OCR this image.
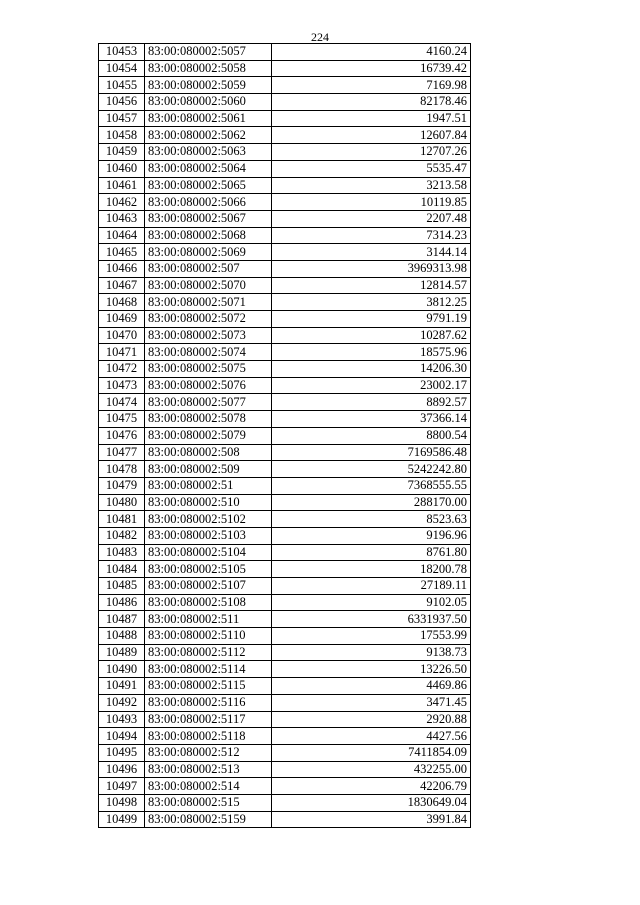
224
10453	83:00:080002:5057	4160.24
10454	83:00:080002:5058	16739.42
10455	83:00:080002:5059	7169.98
10456	83:00:080002:5060	82178.46
10457	83:00:080002:5061	1947.51
10458	83:00:080002:5062	12607.84
10459	83:00:080002:5063	12707.26
10460	83:00:080002:5064	5535.47
10461	83:00:080002:5065	3213.58
10462	83:00:080002:5066	10119.85
10463	83:00:080002:5067	2207.48
10464	83:00:080002:5068	7314.23
10465	83:00:080002:5069	3144.14
10466	83:00:080002:507	3969313.98
10467	83:00:080002:5070	12814.57
10468	83:00:080002:5071	3812.25
10469	83:00:080002:5072	9791.19
10470	83:00:080002:5073	10287.62
10471	83:00:080002:5074	18575.96
10472	83:00:080002:5075	14206.30
10473	83:00:080002:5076	23002.17
10474	83:00:080002:5077	8892.57
10475	83:00:080002:5078	37366.14
10476	83:00:080002:5079	8800.54
10477	83:00:080002:508	7169586.48
10478	83:00:080002:509	5242242.80
10479	83:00:080002:51	7368555.55
10480	83:00:080002:510	288170.00
10481	83:00:080002:5102	8523.63
10482	83:00:080002:5103	9196.96
10483	83:00:080002:5104	8761.80
10484	83:00:080002:5105	18200.78
10485	83:00:080002:5107	27189.11
10486	83:00:080002:5108	9102.05
10487	83:00:080002:511	6331937.50
10488	83:00:080002:5110	17553.99
10489	83:00:080002:5112	9138.73
10490	83:00:080002:5114	13226.50
10491	83:00:080002:5115	4469.86
10492	83:00:080002:5116	3471.45
10493	83:00:080002:5117	2920.88
10494	83:00:080002:5118	4427.56
10495	83:00:080002:512	7411854.09
10496	83:00:080002:513	432255.00
10497	83:00:080002:514	42206.79
10498	83:00:080002:515	1830649.04
10499	83:00:080002:5159	3991.84
